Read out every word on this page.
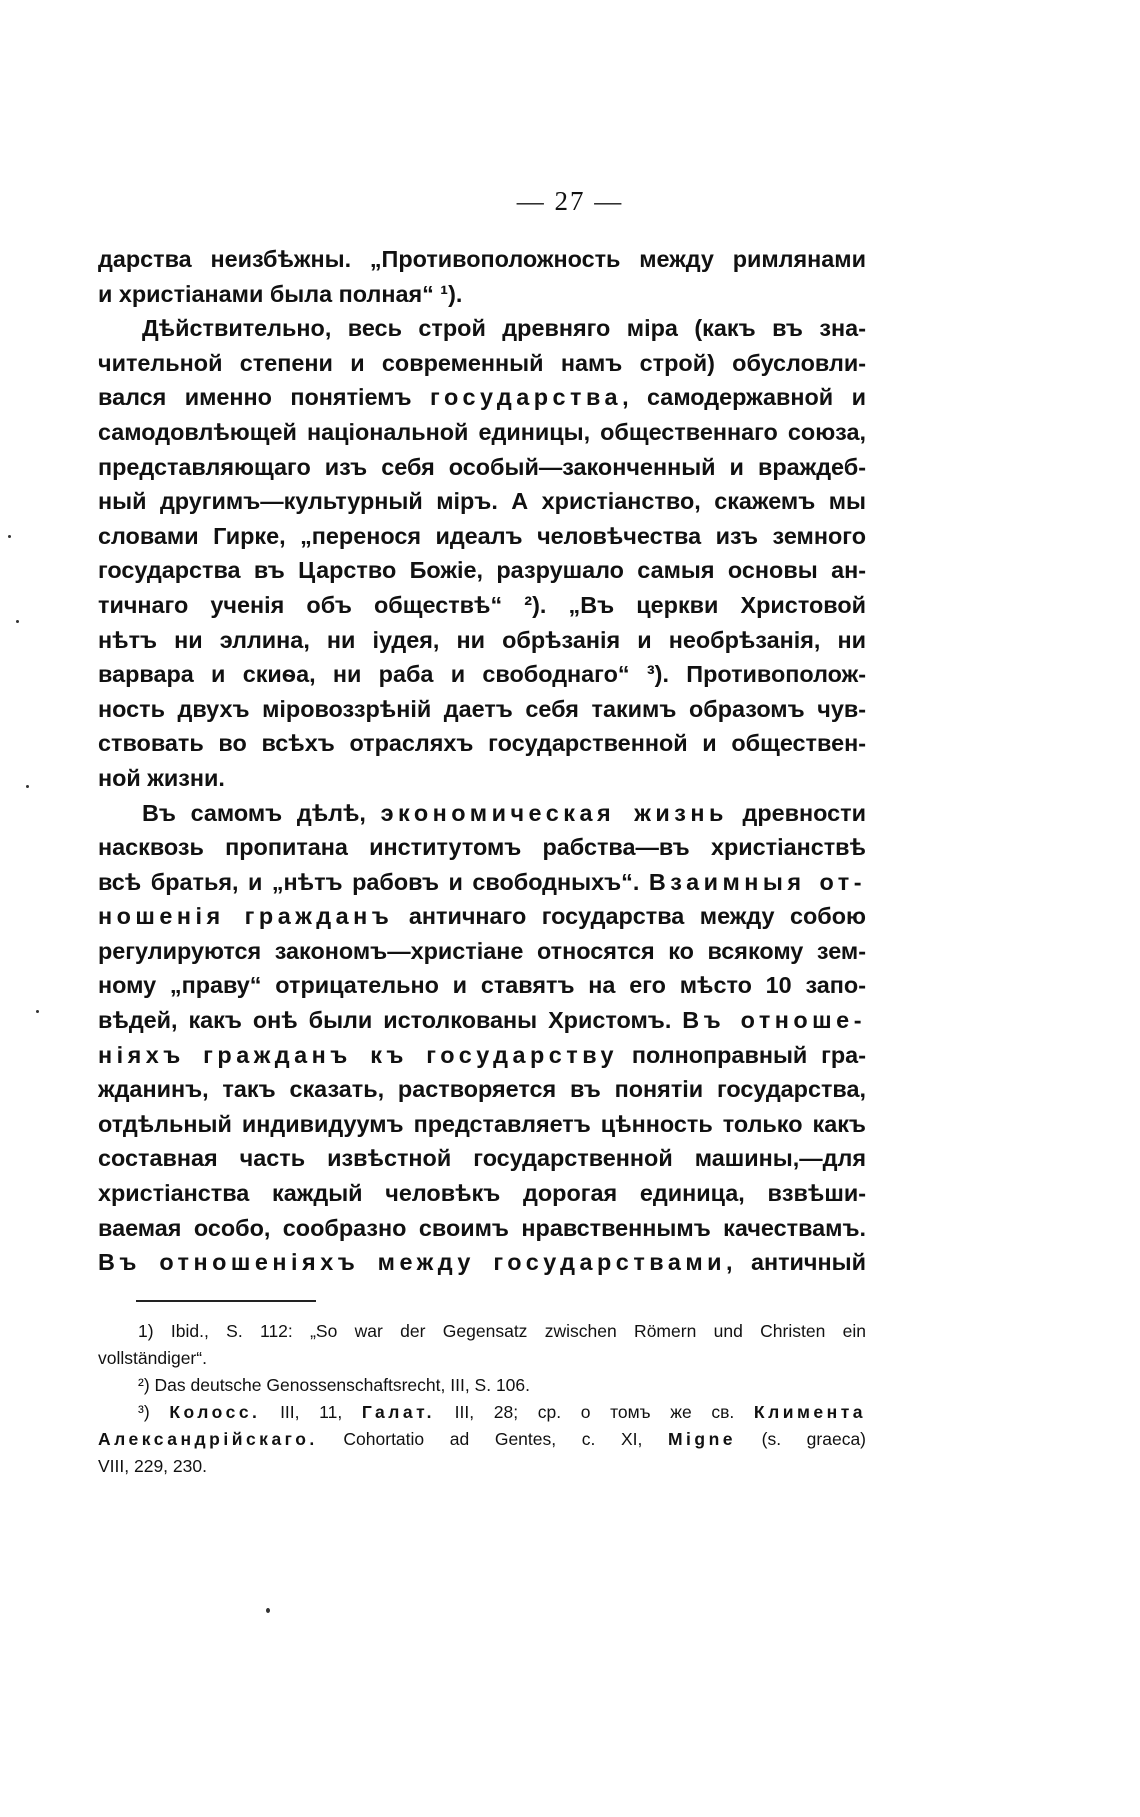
— 27 —
дарства неизбѣжны. „Противоположность между римлянами
и христіанами была полная“ ¹).
Дѣйствительно, весь строй древняго міра (какъ въ зна-
чительной степени и современный намъ строй) обусловли-
вался именно понятіемъ государства, самодержавной и
самодовлѣющей національной единицы, общественнаго союза,
представляющаго изъ себя особый—законченный и враждеб-
ный другимъ—культурный міръ. А христіанство, скажемъ мы
словами Гирке, „перенося идеалъ человѣчества изъ земного
государства въ Царство Божіе, разрушало самыя основы ан-
тичнаго ученія объ обществѣ“ ²). „Въ церкви Христовой
нѣтъ ни эллина, ни іудея, ни обрѣзанія и необрѣзанія, ни
варвара и скиѳа, ни раба и свободнаго“ ³). Противополож-
ность двухъ міровоззрѣній даетъ себя такимъ образомъ чув-
ствовать во всѣхъ отрасляхъ государственной и обществен-
ной жизни.
Въ самомъ дѣлѣ, экономическая жизнь древности
насквозь пропитана институтомъ рабства—въ христіанствѣ
всѣ братья, и „нѣтъ рабовъ и свободныхъ“. Взаимныя от-
ношенія гражданъ античнаго государства между собою
регулируются закономъ—христіане относятся ко всякому зем-
ному „праву“ отрицательно и ставятъ на его мѣсто 10 запо-
вѣдей, какъ онѣ были истолкованы Христомъ. Въ отноше-
ніяхъ гражданъ къ государству полноправный гра-
жданинъ, такъ сказать, растворяется въ понятіи государства,
отдѣльный индивидуумъ представляетъ цѣнность только какъ
составная часть извѣстной государственной машины,—для
христіанства каждый человѣкъ дорогая единица, взвѣши-
ваемая особо, сообразно своимъ нравственнымъ качествамъ.
Въ отношеніяхъ между государствами, античный
1) Ibid., S. 112: „So war der Gegensatz zwischen Römern und Christen ein
vollständiger“.
²) Das deutsche Genossenschaftsrecht, III, S. 106.
³) Колосс. III, 11, Галат. III, 28; ср. о томъ же св. Климента
Александрійскаго. Cohortatio ad Gentes, c. XI, Migne (s. graeca)
VIII, 229, 230.
